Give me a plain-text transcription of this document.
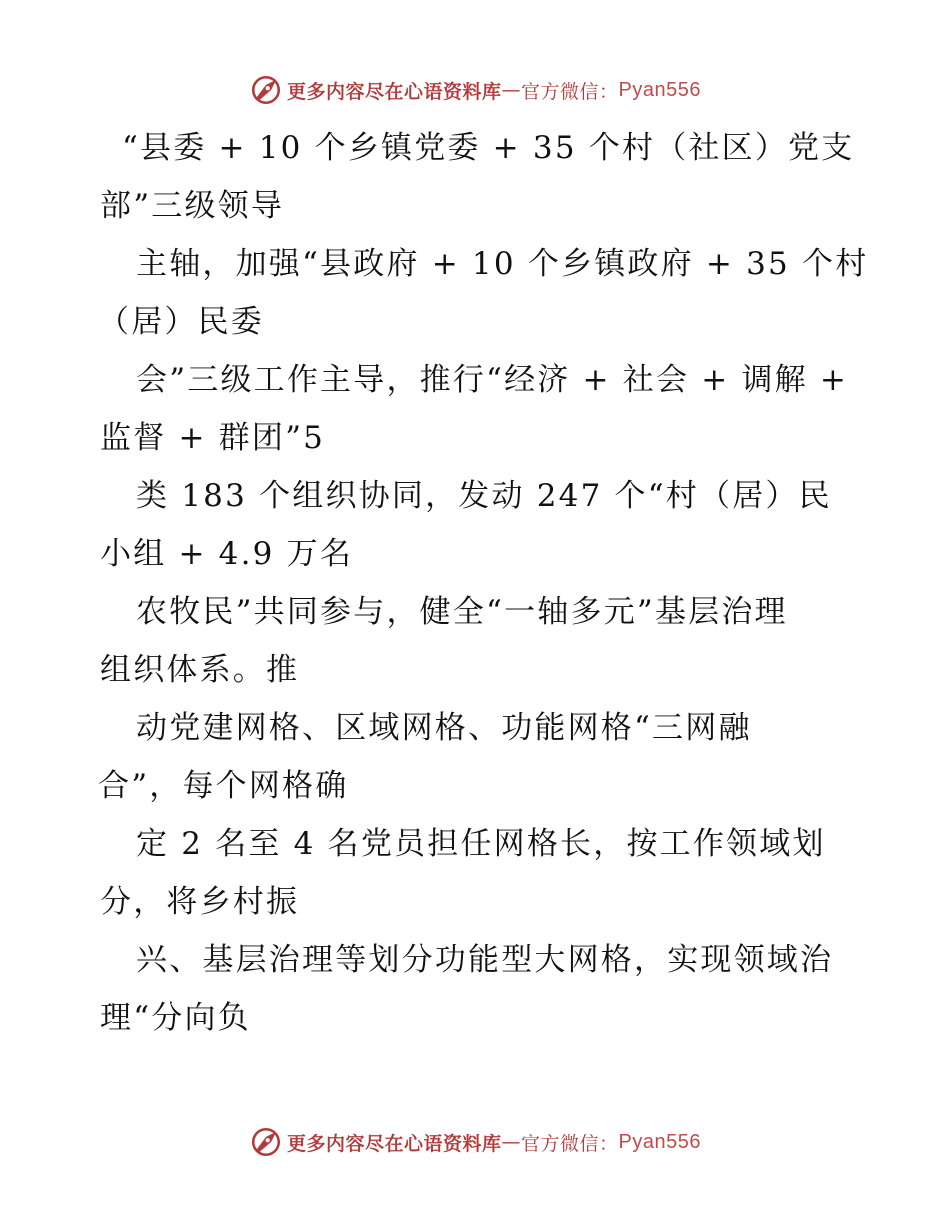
更多内容尽在心语资料库 — 官方微信： Pyan556
“县委 + 10 个乡镇党委 + 35 个村（社区）党支
部”三级领导
主轴，加强“县政府 + 10 个乡镇政府 + 35 个村
（居）民委
会”三级工作主导，推行“经济 + 社会 + 调解 +
监督 + 群团”5
类 183 个组织协同，发动 247 个“村（居）民
小组 + 4.9 万名
农牧民”共同参与，健全“一轴多元”基层治理
组织体系。推
动党建网格、区域网格、功能网格“三网融
合”，每个网格确
定 2 名至 4 名党员担任网格长，按工作领域划
分，将乡村振
兴、基层治理等划分功能型大网格，实现领域治
理“分向负
更多内容尽在心语资料库 — 官方微信： Pyan556
